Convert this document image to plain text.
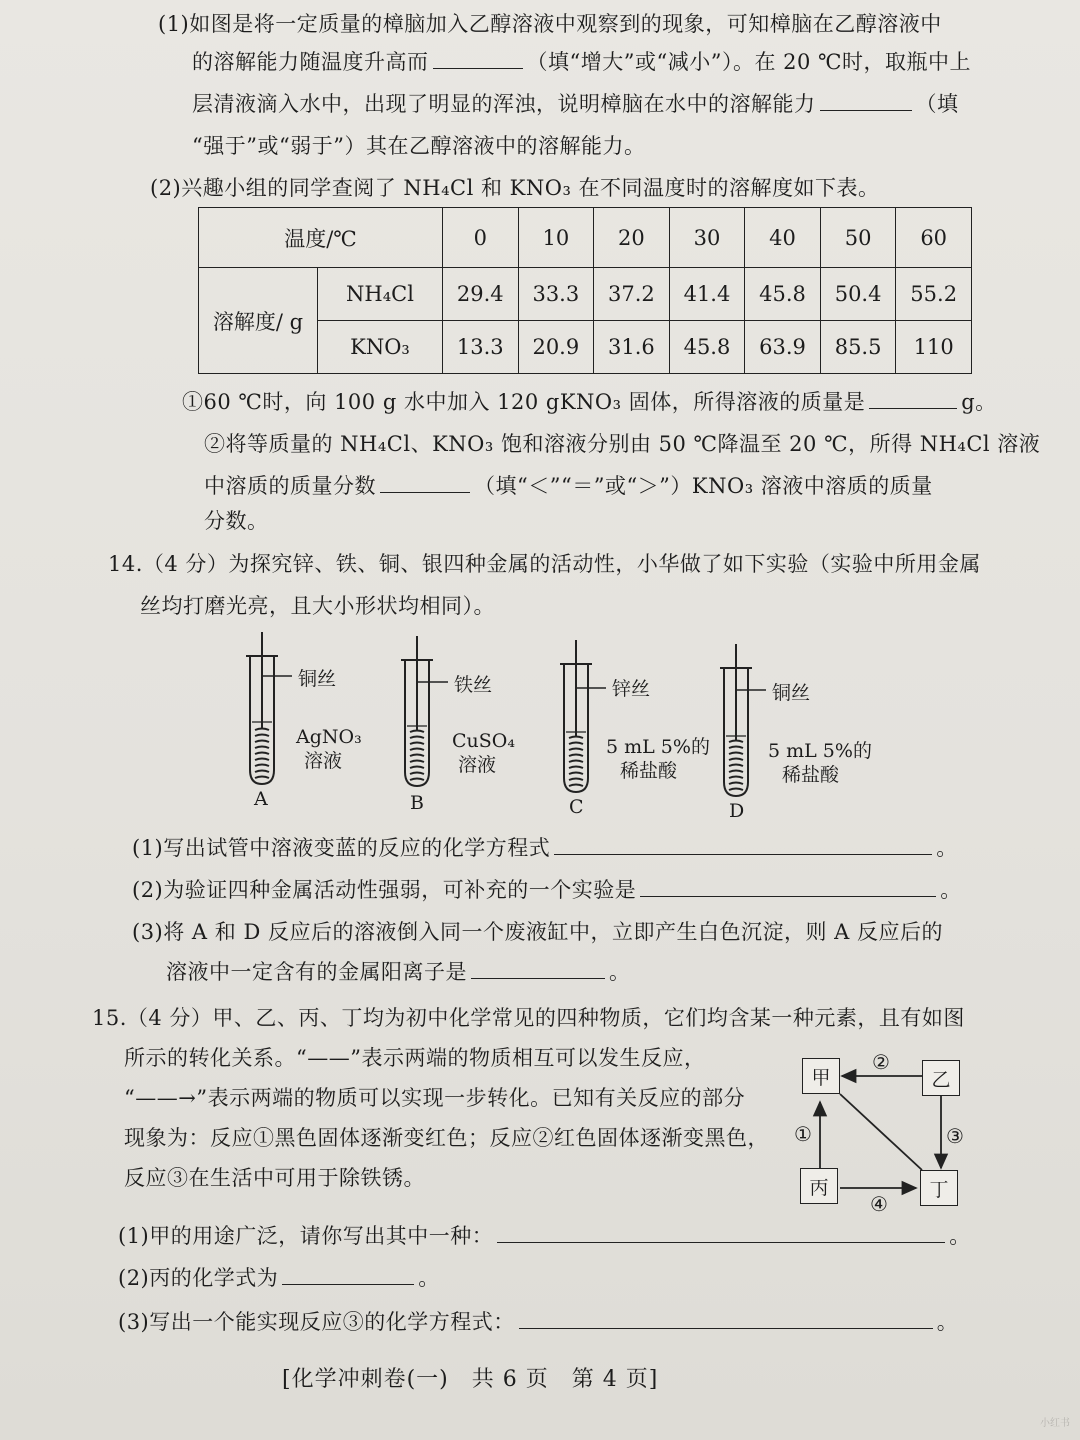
(1)如图是将一定质量的樟脑加入乙醇溶液中观察到的现象，可知樟脑在乙醇溶液中
的溶解能力随温度升高而	（填“增大”或“减小”）。在 20 ℃时，取瓶中上
层清液滴入水中，出现了明显的浑浊，说明樟脑在水中的溶解能力	（填
“强于”或“弱于”）其在乙醇溶液中的溶解能力。
(2)兴趣小组的同学查阅了 NH₄Cl 和 KNO₃ 在不同温度时的溶解度如下表。
温度/℃		0	10	20	30	40	50	60
溶解度/ g	NH₄Cl	29.4	33.3	37.2	41.4	45.8	50.4	55.2
	KNO₃	13.3	20.9	31.6	45.8	63.9	85.5	110
①60 ℃时，向 100 g 水中加入 120 gKNO₃ 固体，所得溶液的质量是	g。
②将等质量的 NH₄Cl、KNO₃ 饱和溶液分别由 50 ℃降温至 20 ℃，所得 NH₄Cl 溶液
中溶质的质量分数	（填“＜”“＝”或“＞”）KNO₃ 溶液中溶质的质量
分数。
14.（4 分）为探究锌、铁、铜、银四种金属的活动性，小华做了如下实验（实验中所用金属
丝均打磨光亮，且大小形状均相同）。
铜丝
AgNO₃
溶液
A
铁丝
CuSO₄
溶液
B
锌丝
5 mL 5%的
稀盐酸
C
铜丝
5 mL 5%的
稀盐酸
D
(1)写出试管中溶液变蓝的反应的化学方程式	。
(2)为验证四种金属活动性强弱，可补充的一个实验是	。
(3)将 A 和 D 反应后的溶液倒入同一个废液缸中，立即产生白色沉淀，则 A 反应后的
溶液中一定含有的金属阳离子是	。
15.（4 分）甲、乙、丙、丁均为初中化学常见的四种物质，它们均含某一种元素，且有如图
所示的转化关系。“——”表示两端的物质相互可以发生反应，
“——→”表示两端的物质可以实现一步转化。已知有关反应的部分
现象为：反应①黑色固体逐渐变红色；反应②红色固体逐渐变黑色，
反应③在生活中可用于除铁锈。
甲	乙
丙	丁
②
③
①
④
(1)甲的用途广泛，请你写出其中一种：	。
(2)丙的化学式为	。
(3)写出一个能实现反应③的化学方程式：	。
[化学冲刺卷(一)　共 6 页　第 4 页]
小红书
